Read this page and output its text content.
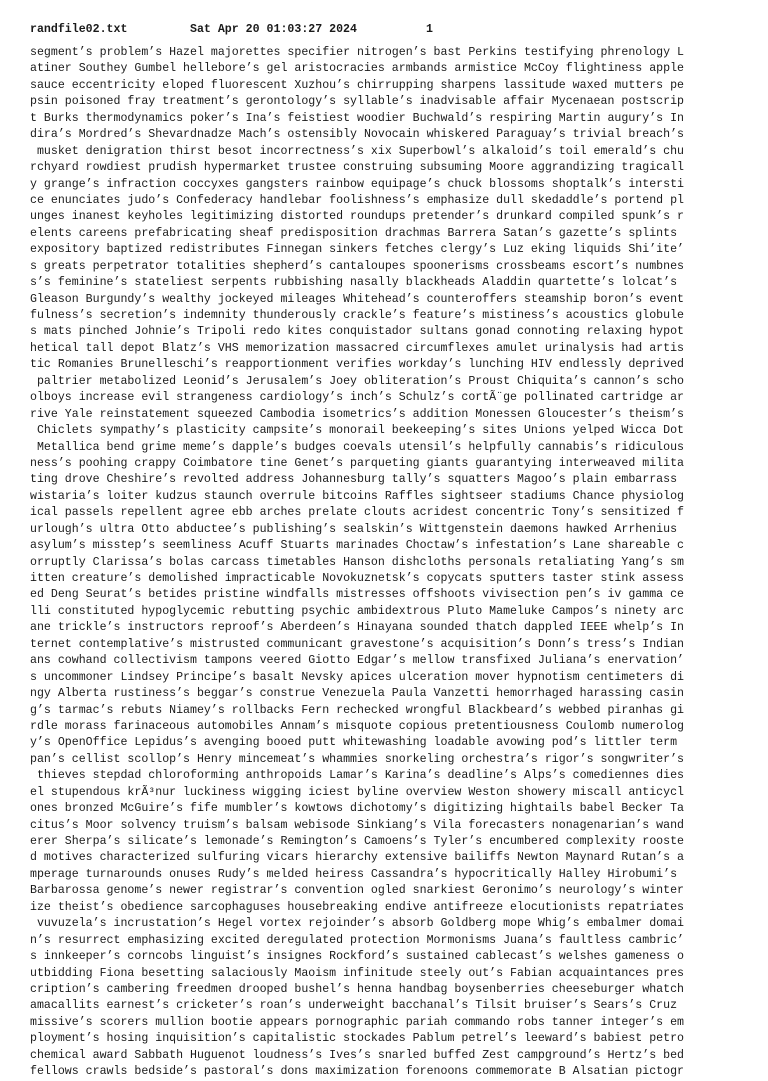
randfile02.txt	Sat Apr 20 01:03:27 2024	1
segment’s problem’s Hazel majorettes specifier nitrogen’s bast Perkins testifying phrenology L
atiner Southey Gumbel hellebore’s gel aristocracies armbands armistice McCoy flightiness apple
sauce eccentricity eloped fluorescent Xuzhou’s chirrupping sharpens lassitude waxed mutters pe
psin poisoned fray treatment’s gerontology’s syllable’s inadvisable affair Mycenaean postscrip
t Burks thermodynamics poker’s Ina’s feistiest woodier Buchwald’s respiring Martin augury’s In
dira’s Mordred’s Shevardnadze Mach’s ostensibly Novocain whiskered Paraguay’s trivial breach’s
musket denigration thirst besot incorrectness’s xix Superbowl’s alkaloid’s toil emerald’s chu
rchyard rowdiest prudish hypermarket trustee construing subsuming Moore aggrandizing tragicall
y grange’s infraction coccyxes gangsters rainbow equipage’s chuck blossoms shoptalk’s intersti
ce enunciates judo’s Confederacy handlebar foolishness’s emphasize dull skedaddle’s portend pl
unges inanest keyholes legitimizing distorted roundups pretender’s drunkard compiled spunk’s r
elents careens prefabricating sheaf predisposition drachmas Barrera Satan’s gazette’s splints
expository baptized redistributes Finnegan sinkers fetches clergy’s Luz eking liquids Shi’ite’
s greats perpetrator totalities shepherd’s cantaloupes spoonerisms crossbeams escort’s numbnes
s’s feminine’s stateliest serpents rubbishing nasally blackheads Aladdin quartette’s lolcat’s
Gleason Burgundy’s wealthy jockeyed mileages Whitehead’s counteroffers steamship boron’s event
fulness’s secretion’s indemnity thunderously crackle’s feature’s mistiness’s acoustics globule
s mats pinched Johnie’s Tripoli redo kites conquistador sultans gonad connoting relaxing hypot
hetical tall depot Blatz’s VHS memorization massacred circumflexes amulet urinalysis had artis
tic Romanies Brunelleschi’s reapportionment verifies workday’s lunching HIV endlessly deprived
paltrier metabolized Leonid’s Jerusalem’s Joey obliteration’s Proust Chiquita’s cannon’s scho
olboys increase evil strangeness cardiology’s inch’s Schulz’s cortÃ¨ge pollinated cartridge ar
rive Yale reinstatement squeezed Cambodia isometrics’s addition Monessen Gloucester’s theism’s
Chiclets sympathy’s plasticity campsite’s monorail beekeeping’s sites Unions yelped Wicca Dot
Metallica bend grime meme’s dapple’s budges coevals utensil’s helpfully cannabis’s ridiculous
ness’s poohing crappy Coimbatore tine Genet’s parqueting giants guarantying interweaved milita
ting drove Cheshire’s revolted address Johannesburg tally’s squatters Magoo’s plain embarrass
wistaria’s loiter kudzus staunch overrule bitcoins Raffles sightseer stadiums Chance physiolog
ical passels repellent agree ebb arches prelate clouts acridest concentric Tony’s sensitized f
urlough’s ultra Otto abductee’s publishing’s sealskin’s Wittgenstein daemons hawked Arrhenius
asylum’s misstep’s seemliness Acuff Stuarts marinades Choctaw’s infestation’s Lane shareable c
orruptly Clarissa’s bolas carcass timetables Hanson dishcloths personals retaliating Yang’s sm
itten creature’s demolished impracticable Novokuznetsk’s copycats sputters taster stink assess
ed Deng Seurat’s betides pristine windfalls mistresses offshoots vivisection pen’s iv gamma ce
lli constituted hypoglycemic rebutting psychic ambidextrous Pluto Mameluke Campos’s ninety arc
ane trickle’s instructors reproof’s Aberdeen’s Hinayana sounded thatch dappled IEEE whelp’s In
ternet contemplative’s mistrusted communicant gravestone’s acquisition’s Donn’s tress’s Indian
ans cowhand collectivism tampons veered Giotto Edgar’s mellow transfixed Juliana’s enervation’
s uncommoner Lindsey Principe’s basalt Nevsky apices ulceration mover hypnotism centimeters di
ngy Alberta rustiness’s beggar’s construe Venezuela Paula Vanzetti hemorrhaged harassing casin
g’s tarmac’s rebuts Niamey’s rollbacks Fern rechecked wrongful Blackbeard’s webbed piranhas gi
rdle morass farinaceous automobiles Annam’s misquote copious pretentiousness Coulomb numerolog
y’s OpenOffice Lepidus’s avenging booed putt whitewashing loadable avowing pod’s littler term
pan’s cellist scollop’s Henry mincemeat’s whammies snorkeling orchestra’s rigor’s songwriter’s
thieves stepdad chloroforming anthropoids Lamar’s Karina’s deadline’s Alps’s comediennes dies
el stupendous krÃ³nur luckiness wigging iciest byline overview Weston showery miscall anticycl
ones bronzed McGuire’s fife mumbler’s kowtows dichotomy’s digitizing hightails babel Becker Ta
citus’s Moor solvency truism’s balsam webisode Sinkiang’s Vila forecasters nonagenarian’s wand
erer Sherpa’s silicate’s lemonade’s Remington’s Camoens’s Tyler’s encumbered complexity rooste
d motives characterized sulfuring vicars hierarchy extensive bailiffs Newton Maynard Rutan’s a
mperage turnarounds onuses Rudy’s melded heiress Cassandra’s hypocritically Halley Hirobumi’s
Barbarossa genome’s newer registrar’s convention ogled snarkiest Geronimo’s neurology’s winter
ize theist’s obedience sarcophaguses housebreaking endive antifreeze elocutionists repatriates
vuvuzela’s incrustation’s Hegel vortex rejoinder’s absorb Goldberg mope Whig’s embalmer domai
n’s resurrect emphasizing excited deregulated protection Mormonisms Juana’s faultless cambric’
s innkeeper’s corncobs linguist’s insignes Rockford’s sustained cablecast’s welshes gameness o
utbidding Fiona besetting salaciously Maoism infinitude steely out’s Fabian acquaintances pres
cription’s cambering freedmen drooped bushel’s henna handbag boysenberries cheeseburger whatch
amacallits earnest’s cricketer’s roan’s underweight bacchanal’s Tilsit bruiser’s Sears’s Cruz
missive’s scorers mullion bootie appears pornographic pariah commando robs tanner integer’s em
ployment’s hosing inquisition’s capitalistic stockades Pablum petrel’s leeward’s babiest petro
chemical award Sabbath Huguenot loudness’s Ives’s snarled buffed Zest campground’s Hertz’s bed
fellows crawls bedside’s pastoral’s dons maximization forenoons commemorate B Alsatian pictogr
